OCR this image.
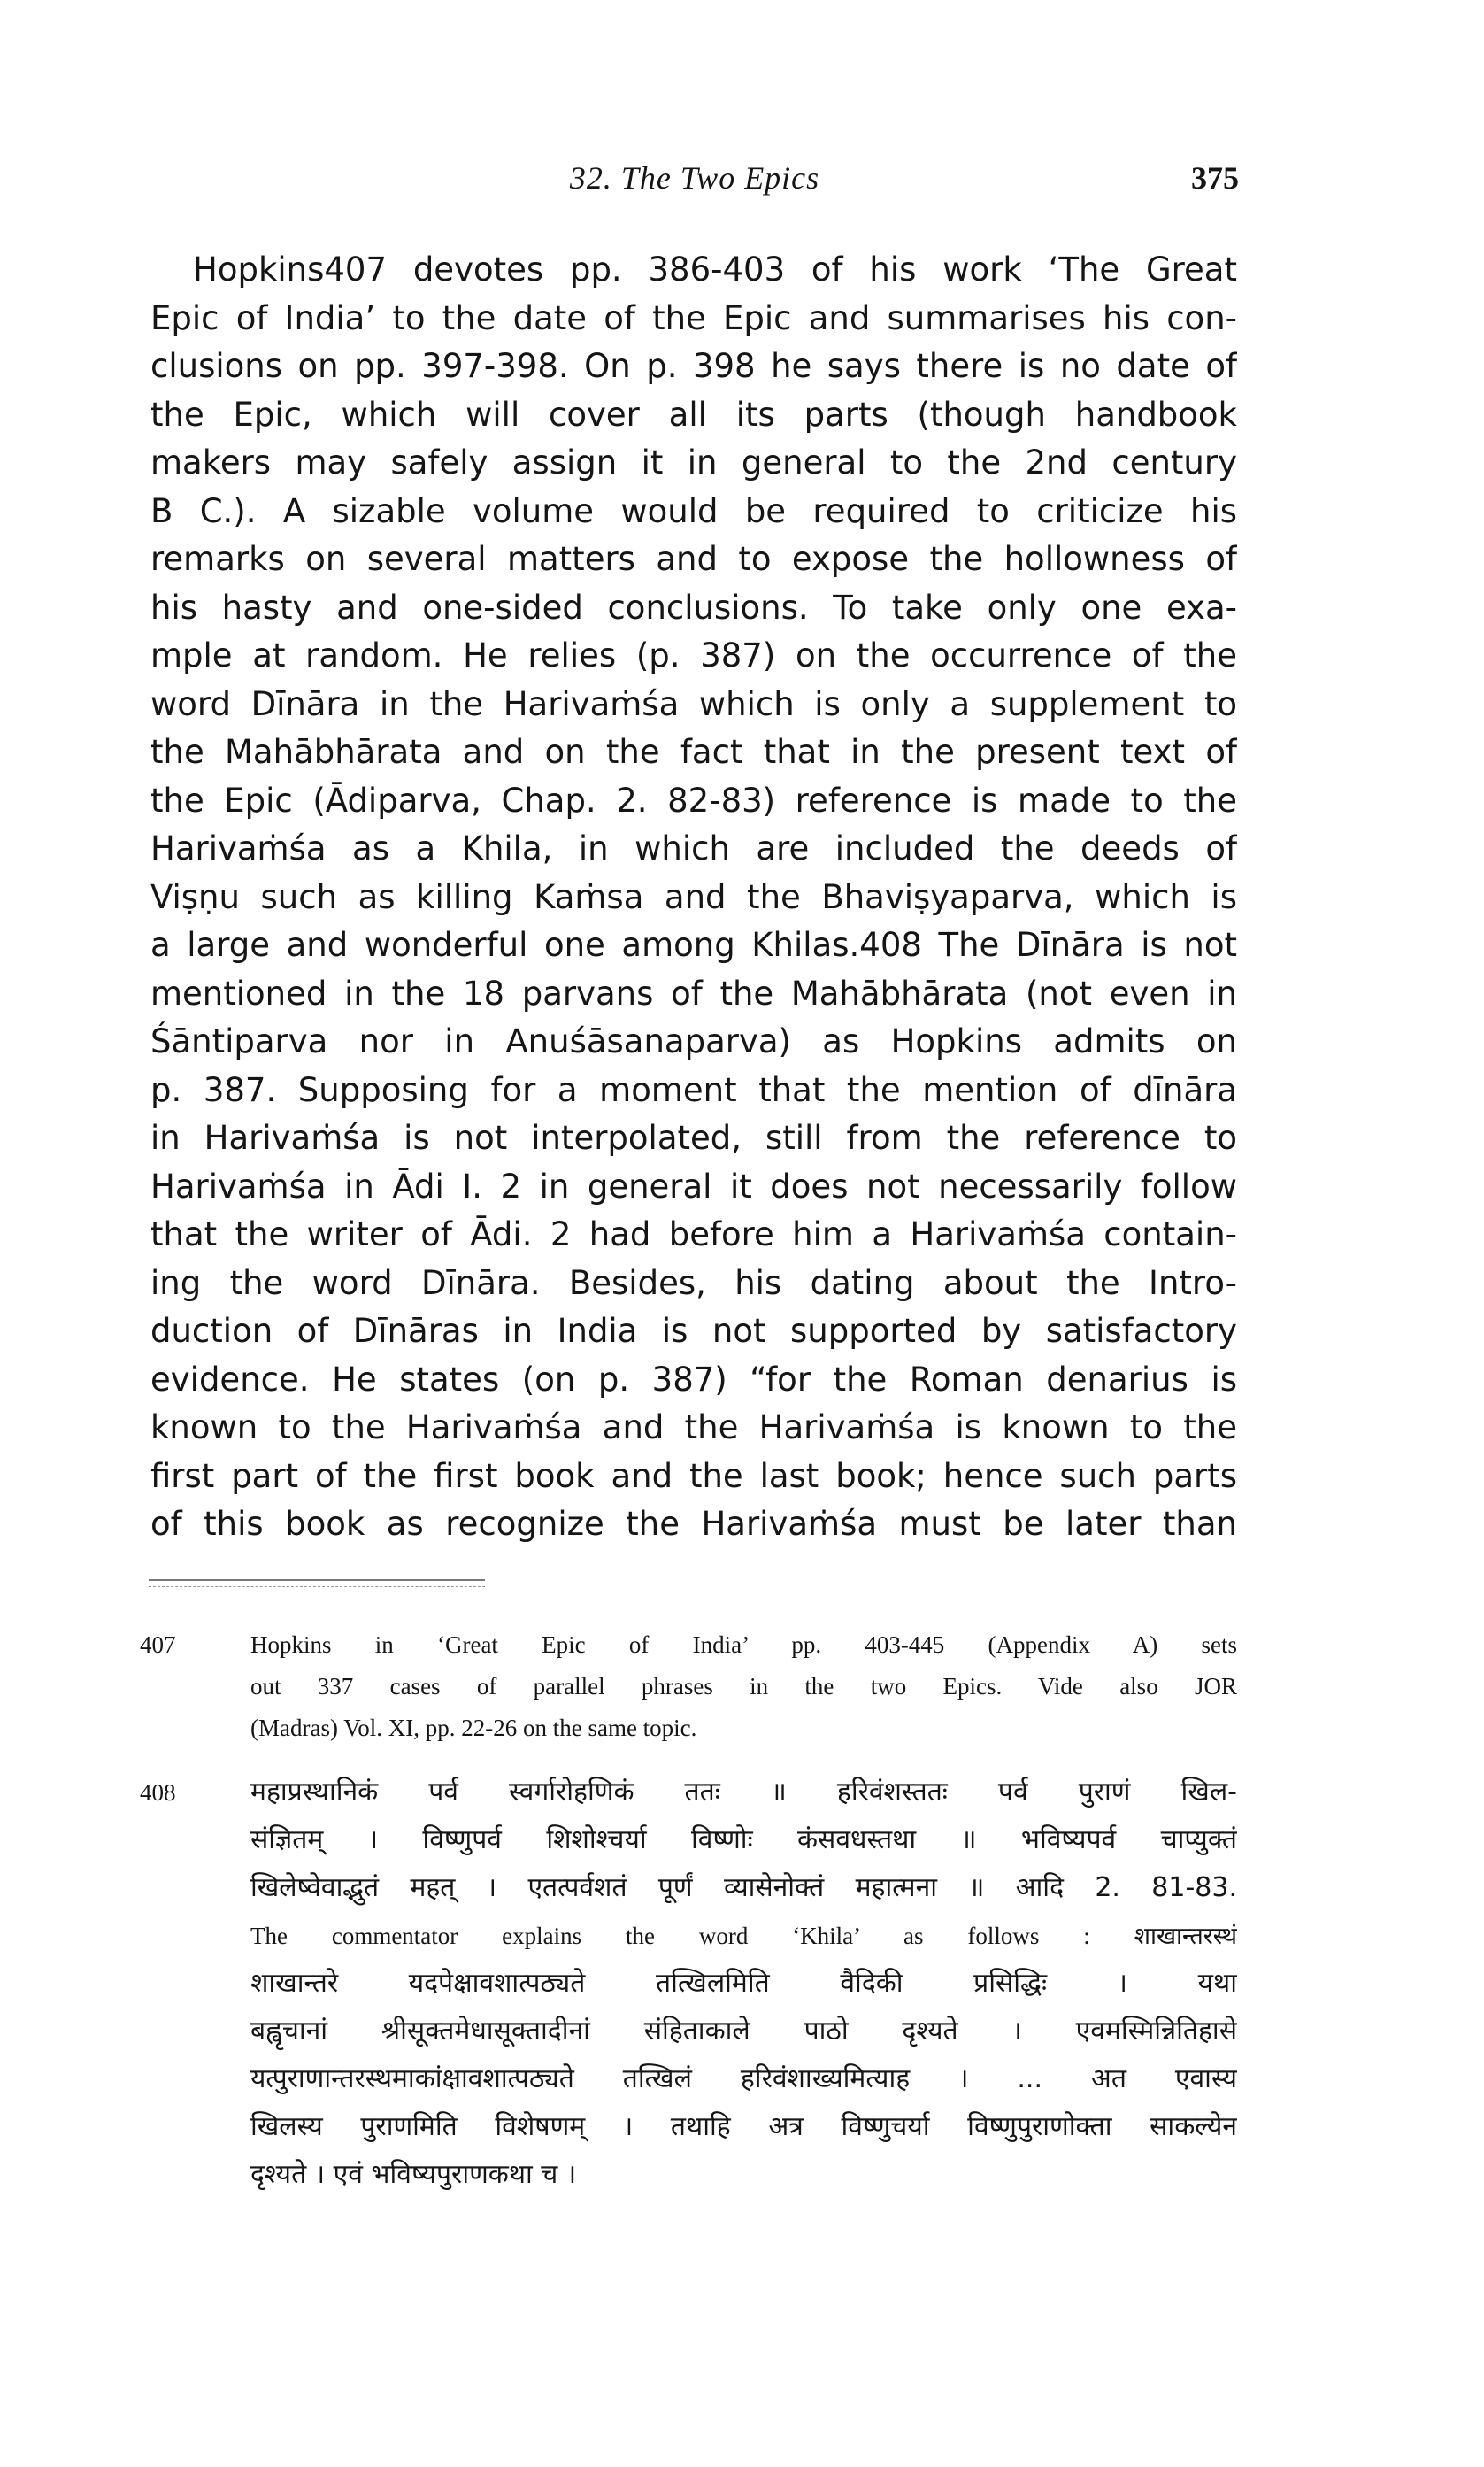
32. The Two Epics	375
Hopkins407 devotes pp. 386-403 of his work ‘The Great
Epic of India’ to the date of the Epic and summarises his con-
clusions on pp. 397-398. On p. 398 he says there is no date of
the Epic, which will cover all its parts (though handbook
makers may safely assign it in general to the 2nd century
B C.). A sizable volume would be required to criticize his
remarks on several matters and to expose the hollowness of
his hasty and one-sided conclusions. To take only one exa-
mple at random. He relies (p. 387) on the occurrence of the
word Dīnāra in the Harivaṁśa which is only a supplement to
the Mahābhārata and on the fact that in the present text of
the Epic (Ādiparva, Chap. 2. 82-83) reference is made to the
Harivaṁśa as a Khila, in which are included the deeds of
Viṣṇu such as killing Kaṁsa and the Bhaviṣyaparva, which is
a large and wonderful one among Khilas.408 The Dīnāra is not
mentioned in the 18 parvans of the Mahābhārata (not even in
Śāntiparva nor in Anuśāsanaparva) as Hopkins admits on
p. 387. Supposing for a moment that the mention of dīnāra
in Harivaṁśa is not interpolated, still from the reference to
Harivaṁśa in Ādi I. 2 in general it does not necessarily follow
that the writer of Ādi. 2 had before him a Harivaṁśa contain-
ing the word Dīnāra. Besides, his dating about the Intro-
duction of Dīnāras in India is not supported by satisfactory
evidence. He states (on p. 387) “for the Roman denarius is
known to the Harivaṁśa and the Harivaṁśa is known to the
first part of the first book and the last book; hence such parts
of this book as recognize the Harivaṁśa must be later than
407	Hopkins in ‘Great Epic of India’ pp. 403-445 (Appendix A) sets
out 337 cases of parallel phrases in the two Epics. Vide also JOR
(Madras) Vol. XI, pp. 22-26 on the same topic.
408	महाप्रस्थानिकं पर्व स्वर्गारोहणिकं ततः ॥ हरिवंशस्ततः पर्व पुराणं खिल-
संज्ञितम् । विष्णुपर्व शिशोश्चर्या विष्णोः कंसवधस्तथा ॥ भविष्यपर्व चाप्युक्तं
खिलेष्वेवाद्भुतं महत् । एतत्पर्वशतं पूर्णं व्यासेनोक्तं महात्मना ॥ आदि 2. 81-83.
The commentator explains the word ‘Khila’ as follows : शाखान्तरस्थं
शाखान्तरे यदपेक्षावशात्पठ्यते तत्खिलमिति वैदिकी प्रसिद्धिः । यथा
बह्वृचानां श्रीसूक्तमेधासूक्तादीनां संहिताकाले पाठो दृश्यते । एवमस्मिन्नितिहासे
यत्पुराणान्तरस्थमाकांक्षावशात्पठ्यते तत्खिलं हरिवंशाख्यमित्याह । ... अत एवास्य
खिलस्य पुराणमिति विशेषणम् । तथाहि अत्र विष्णुचर्या विष्णुपुराणोक्ता साकल्येन
दृश्यते । एवं भविष्यपुराणकथा च ।
